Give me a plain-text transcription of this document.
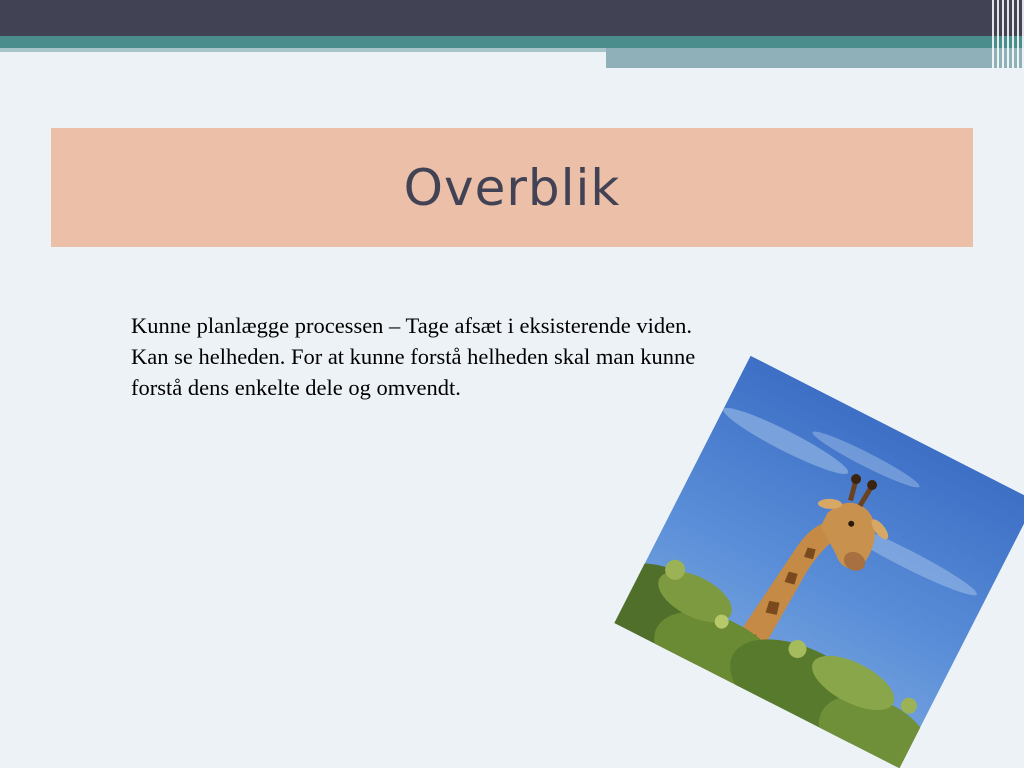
Overblik
Kunne planlægge processen – Tage afsæt i eksisterende viden.
Kan se helheden. For at kunne forstå helheden skal man kunne
forstå dens enkelte dele og omvendt.
